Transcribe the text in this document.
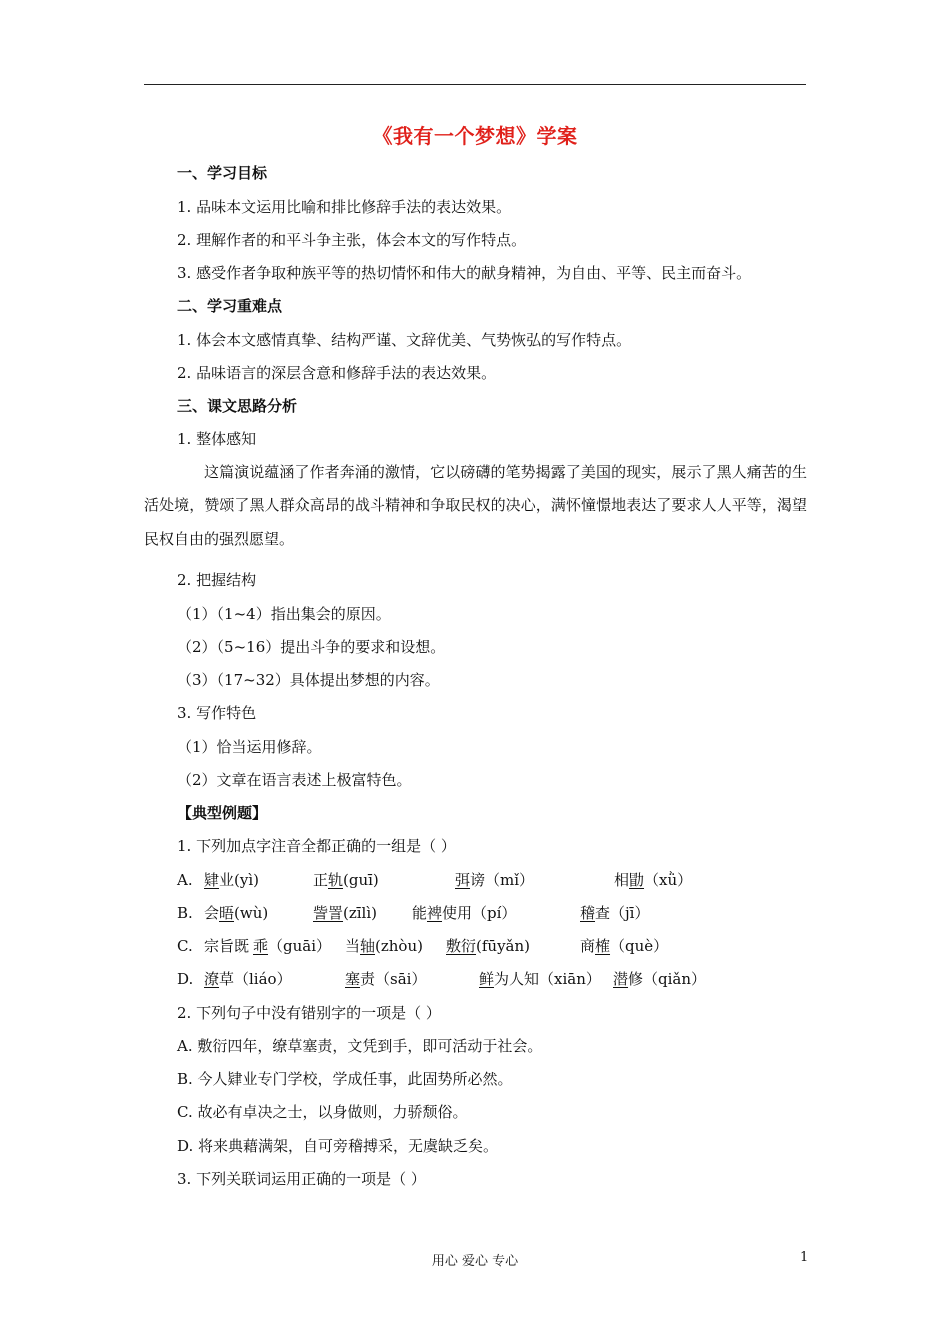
《我有一个梦想》学案
一、学习目标
1. 品味本文运用比喻和排比修辞手法的表达效果。
2. 理解作者的和平斗争主张，体会本文的写作特点。
3. 感受作者争取种族平等的热切情怀和伟大的献身精神，为自由、平等、民主而奋斗。
二、学习重难点
1. 体会本文感情真挚、结构严谨、文辞优美、气势恢弘的写作特点。
2. 品味语言的深层含意和修辞手法的表达效果。
三、课文思路分析
1. 整体感知
这篇演说蕴涵了作者奔涌的激情，它以磅礴的笔势揭露了美国的现实，展示了黑人痛苦的生活处境，赞颂了黑人群众高昂的战斗精神和争取民权的决心，满怀憧憬地表达了要求人人平等，渴望民权自由的强烈愿望。
2. 把握结构
（1）（1~4）指出集会的原因。
（2）（5~16）提出斗争的要求和设想。
（3）（17~32）具体提出梦想的内容。
3. 写作特色
（1）恰当运用修辞。
（2）文章在语言表述上极富特色。
【典型例题】
1. 下列加点字注音全都正确的一组是（ ）
A. 肄 业(yì)	正 轨 (guī)	弭 谤（mǐ）	相 勖 （xǜ）
B. 会 晤 (wù)	訾 詈 (zīlì) 能 裨 使用（pí）	稽 查（jī）
C. 宗旨既 乖 （guāi） 当 轴 (zhòu) 敷衍 (fūyǎn)	商 榷 （què）
D. 潦 草（liáo）	塞 责（sāi）	鲜 为人知（xiān） 潜 修（qiǎn）
2. 下列句子中没有错别字的一项是（ ）
A. 敷衍四年，缭草塞责，文凭到手，即可活动于社会。
B. 今人肄业专门学校，学成任事，此固势所必然。
C. 故必有卓决之士，以身做则，力骄颓俗。
D. 将来典藉满架，自可旁稽搏采，无虞缺乏矣。
3. 下列关联词运用正确的一项是（ ）
用心 爱心 专心	1
